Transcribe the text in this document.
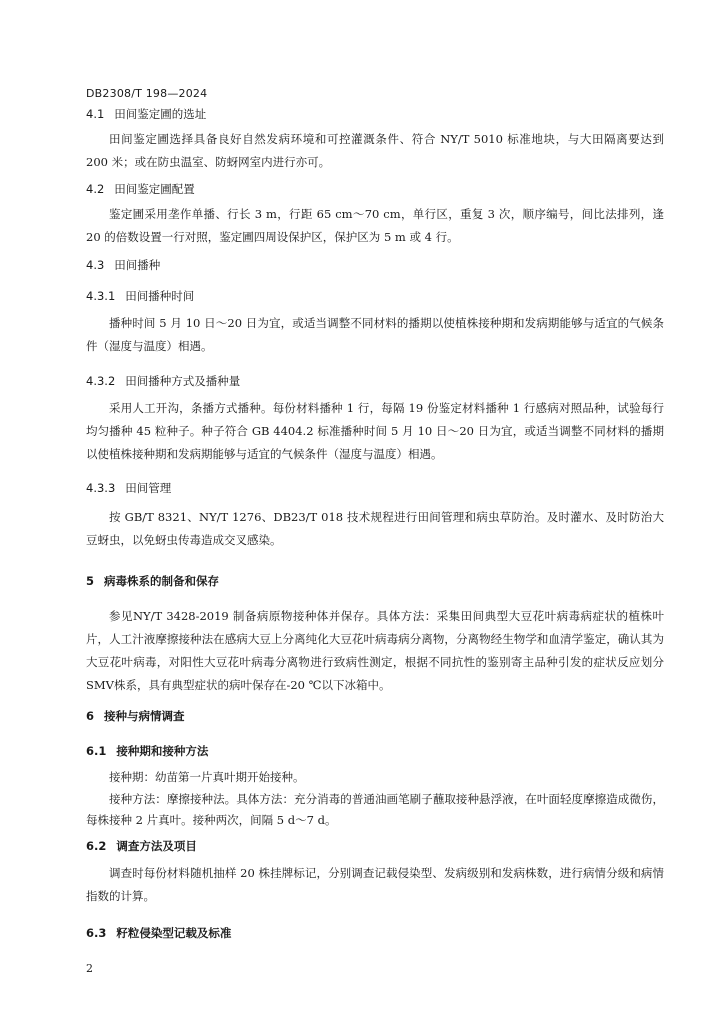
DB2308/T 198—2024
4.1 田间鉴定圃的选址
田间鉴定圃选择具备良好自然发病环境和可控灌溉条件、符合 NY/T 5010 标准地块，与大田隔离要达到 200 米；或在防虫温室、防蚜网室内进行亦可。
4.2 田间鉴定圃配置
鉴定圃采用垄作单播、行长 3 m，行距 65 cm～70 cm，单行区，重复 3 次，顺序编号，间比法排列，逢 20 的倍数设置一行对照，鉴定圃四周设保护区，保护区为 5 m 或 4 行。
4.3 田间播种
4.3.1 田间播种时间
播种时间 5 月 10 日～20 日为宜，或适当调整不同材料的播期以使植株接种期和发病期能够与适宜的气候条件（湿度与温度）相遇。
4.3.2 田间播种方式及播种量
采用人工开沟，条播方式播种。每份材料播种 1 行，每隔 19 份鉴定材料播种 1 行感病对照品种，试验每行均匀播种 45 粒种子。种子符合 GB 4404.2 标准播种时间 5 月 10 日～20 日为宜，或适当调整不同材料的播期以使植株接种期和发病期能够与适宜的气候条件（湿度与温度）相遇。
4.3.3 田间管理
按 GB/T 8321、NY/T 1276、DB23/T 018 技术规程进行田间管理和病虫草防治。及时灌水、及时防治大豆蚜虫，以免蚜虫传毒造成交叉感染。
5 病毒株系的制备和保存
参见NY/T 3428-2019 制备病原物接种体并保存。具体方法：采集田间典型大豆花叶病毒病症状的植株叶片，人工汁液摩擦接种法在感病大豆上分离纯化大豆花叶病毒病分离物，分离物经生物学和血清学鉴定，确认其为大豆花叶病毒，对阳性大豆花叶病毒分离物进行致病性测定，根据不同抗性的鉴别寄主品种引发的症状反应划分SMV株系，具有典型症状的病叶保存在-20 ℃以下冰箱中。
6 接种与病情调查
6.1 接种期和接种方法
接种期：幼苗第一片真叶期开始接种。
接种方法：摩擦接种法。具体方法：充分消毒的普通油画笔刷子蘸取接种悬浮液，在叶面轻度摩擦造成微伤，每株接种 2 片真叶。接种两次，间隔 5 d～7 d。
6.2 调查方法及项目
调查时每份材料随机抽样 20 株挂牌标记，分别调查记载侵染型、发病级别和发病株数，进行病情分级和病情指数的计算。
6.3 籽粒侵染型记载及标准
2
